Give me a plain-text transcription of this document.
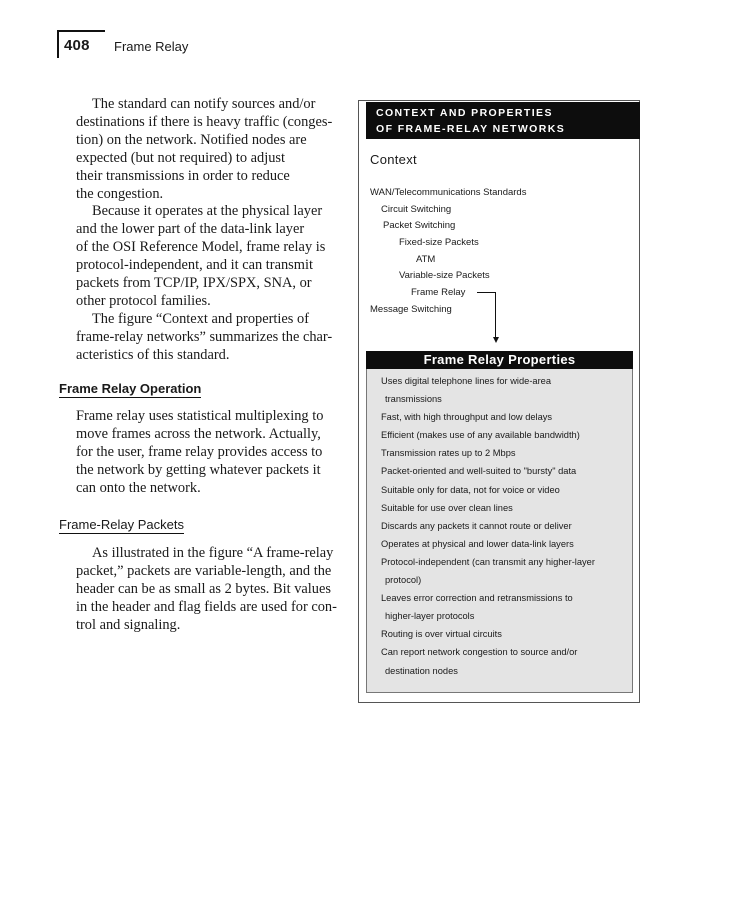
408 Frame Relay
The standard can notify sources and/or
destinations if there is heavy traffic (conges-
tion) on the network. Notified nodes are
expected (but not required) to adjust
their transmissions in order to reduce
the congestion.
Because it operates at the physical layer
and the lower part of the data-link layer
of the OSI Reference Model, frame relay is
protocol-independent, and it can transmit
packets from TCP/IP, IPX/SPX, SNA, or
other protocol families.
The figure “Context and properties of
frame-relay networks” summarizes the char-
acteristics of this standard.
Frame Relay Operation
Frame relay uses statistical multiplexing to
move frames across the network. Actually,
for the user, frame relay provides access to
the network by getting whatever packets it
can onto the network.
Frame-Relay Packets
As illustrated in the figure “A frame-relay
packet,” packets are variable-length, and the
header can be as small as 2 bytes. Bit values
in the header and flag fields are used for con-
trol and signaling.
CONTEXT AND PROPERTIES
OF FRAME-RELAY NETWORKS
Context
WAN/Telecommunications Standards
Circuit Switching
Packet Switching
Fixed-size Packets
ATM
Variable-size Packets
Frame Relay
Message Switching
Frame Relay Properties
Uses digital telephone lines for wide-area
transmissions
Fast, with high throughput and low delays
Efficient (makes use of any available bandwidth)
Transmission rates up to 2 Mbps
Packet-oriented and well-suited to "bursty" data
Suitable only for data, not for voice or video
Suitable for use over clean lines
Discards any packets it cannot route or deliver
Operates at physical and lower data-link layers
Protocol-independent (can transmit any higher-layer
protocol)
Leaves error correction and retransmissions to
higher-layer protocols
Routing is over virtual circuits
Can report network congestion to source and/or
destination nodes
